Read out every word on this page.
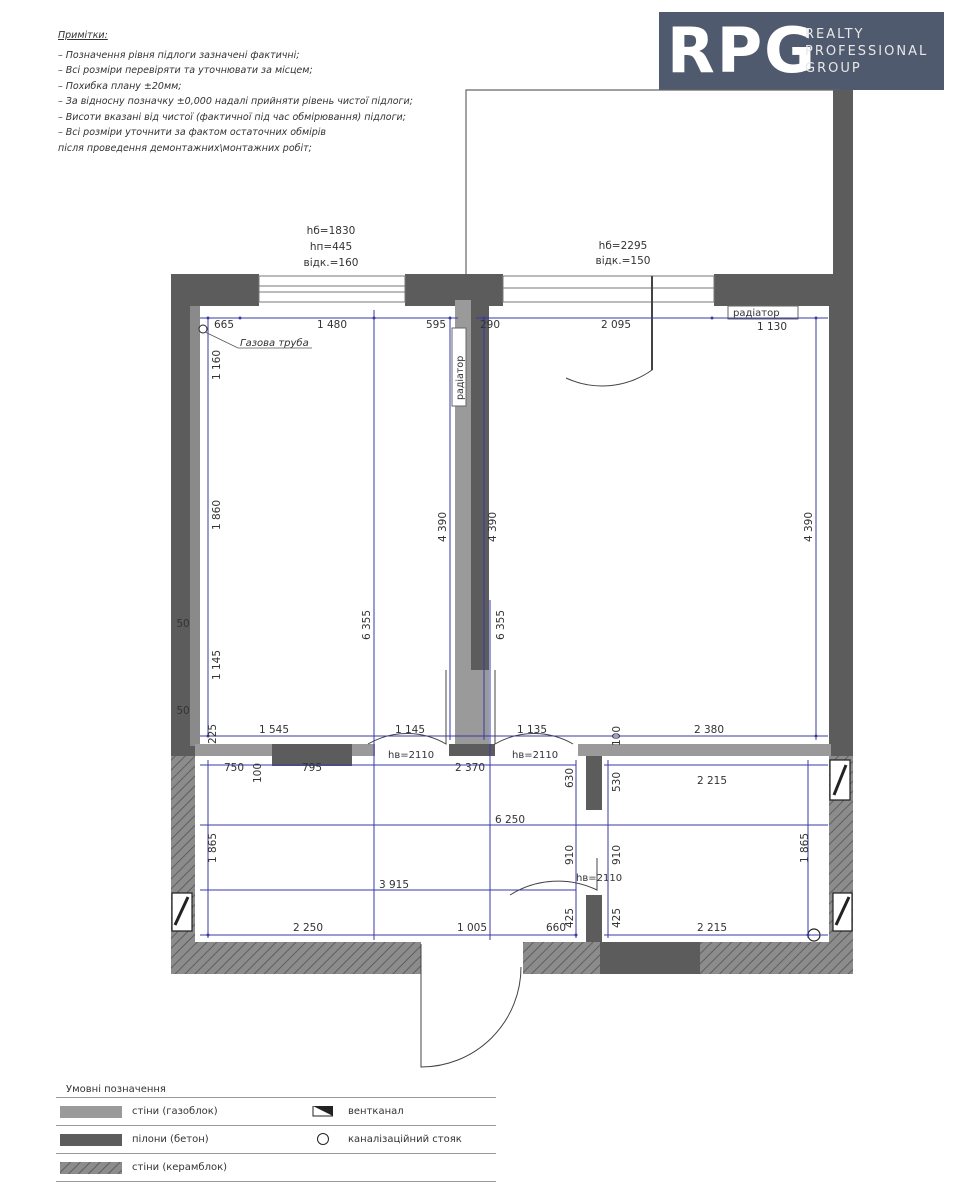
Примітки:
– Позначення рівня підлоги зазначені фактичні;
– Всі розміри перевіряти та уточнювати за місцем;
– Похибка плану ±20мм;
– За відносну позначку ±0,000 надалі прийняти рівень чистої підлоги;
– Висоти вказані від чистої (фактичної під час обмірювання) підлоги;
– Всі розміри уточнити за фактом остаточних обмірів
після проведення демонтажних\монтажних робіт;
RPG
REALTY
PROFESSIONAL
GROUP
hб=1830
hп=445
відк.=160
hб=2295
відк.=150
Газова труба
радіатор
радіатор
hв=2110	hв=2110
hв=2110
665	1 480	595	290	2 095	1 130
1 160
1 860
1 145
50
50
4 390	4 390	4 390
6 355	6 355
225	1 545	1 145	1 135	100	2 380
750 100	795	2 370	630	530	2 215
6 250
1 865	910	910	1 865
3 915
425	425
2 250	1 005	660	2 215
Умовні позначення
стіни (газоблок)	вентканал
пілони (бетон)	каналізаційний стояк
стіни (керамблок)
